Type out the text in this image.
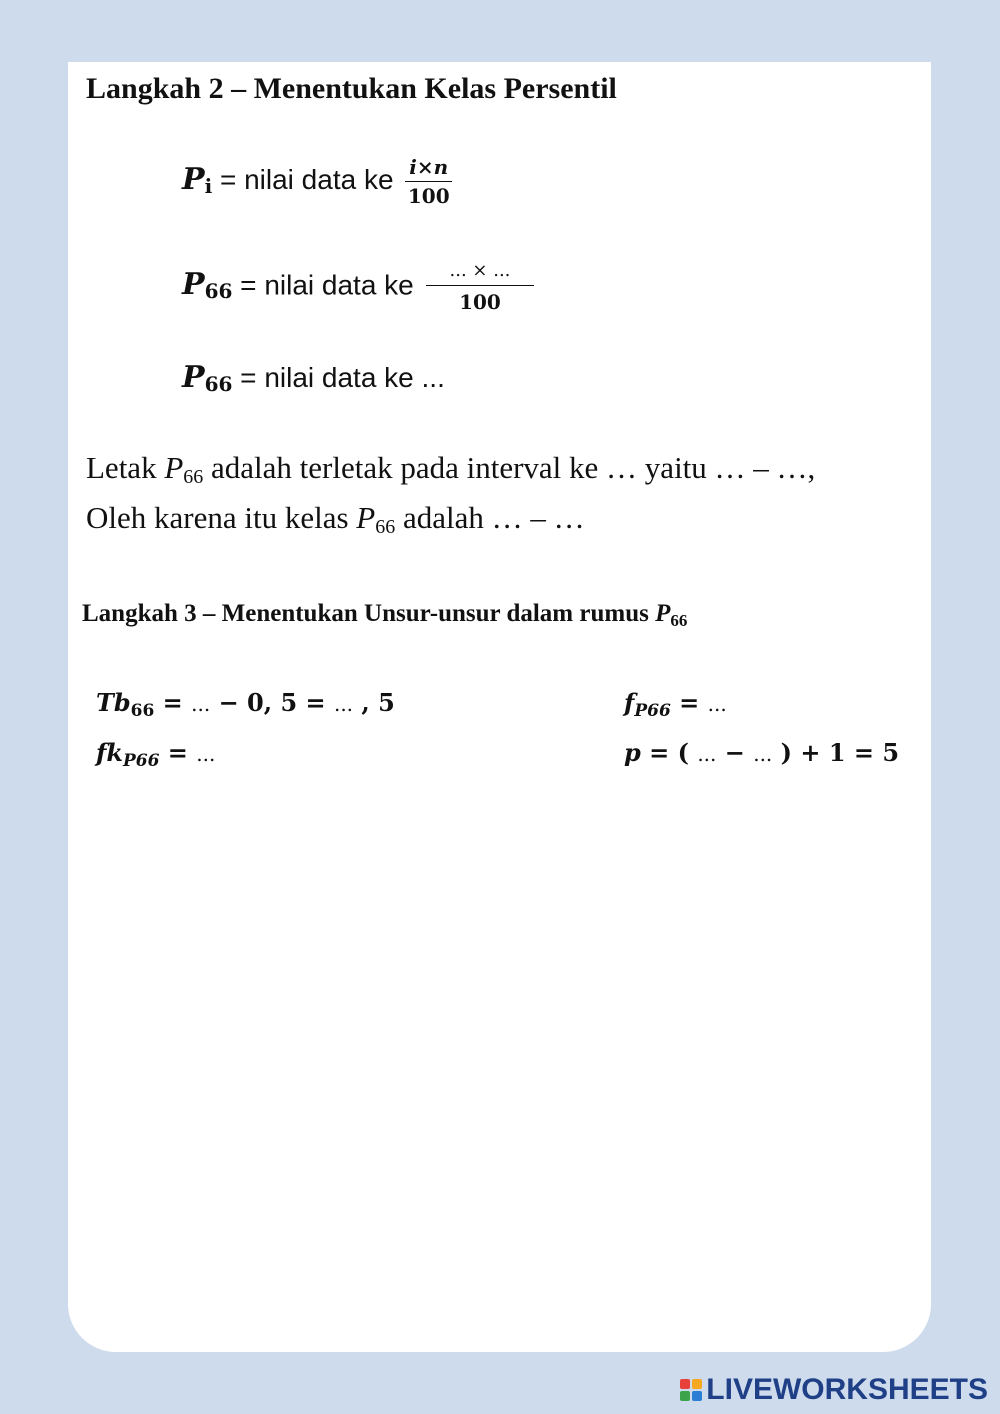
Langkah 2 – Menentukan Kelas Persentil
$P_i$ = nilai data ke $\frac{i\times n}{100}$
$P_{66}$ = nilai data ke $\frac{... \times ...}{100}$
$P_{66}$ = nilai data ke ...
Letak $P_{66}$ adalah terletak pada interval ke … yaitu … – …,
Oleh karena itu kelas $P_{66}$ adalah … – …
Langkah 3 – Menentukan Unsur-unsur dalam rumus $P_{66}$
$Tb_{66}$ = ... − 0, 5 = ... , 5
$fk_{P66}$ = ...
$f_{P66}$ = ...
p = ( ... − ... ) + 1 = 5
LIVEWORKSHEETS
